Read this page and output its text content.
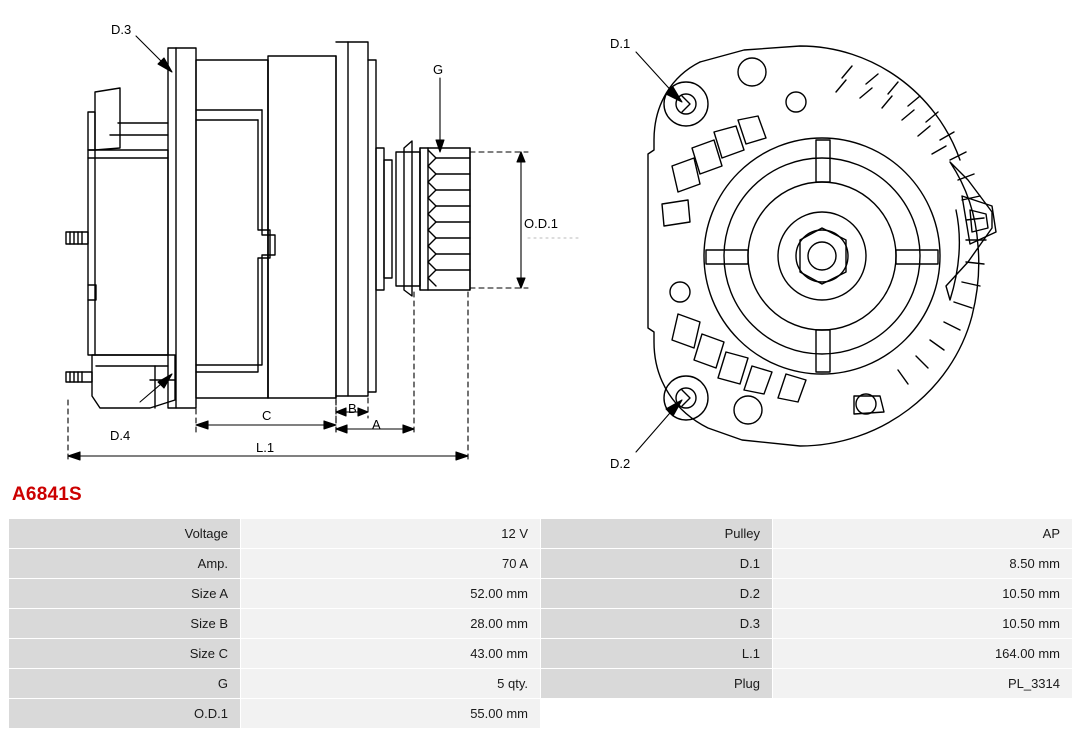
D.3
G
D.4
O.D.1
C	B
A
L.1
D.1
D.2
A6841S
Voltage	12 V	Pulley	AP
Amp.	70 A	D.1	8.50 mm
Size A	52.00 mm	D.2	10.50 mm
Size B	28.00 mm	D.3	10.50 mm
Size C	43.00 mm	L.1	164.00 mm
G	5 qty.	Plug	PL_3314
O.D.1	55.00 mm		
